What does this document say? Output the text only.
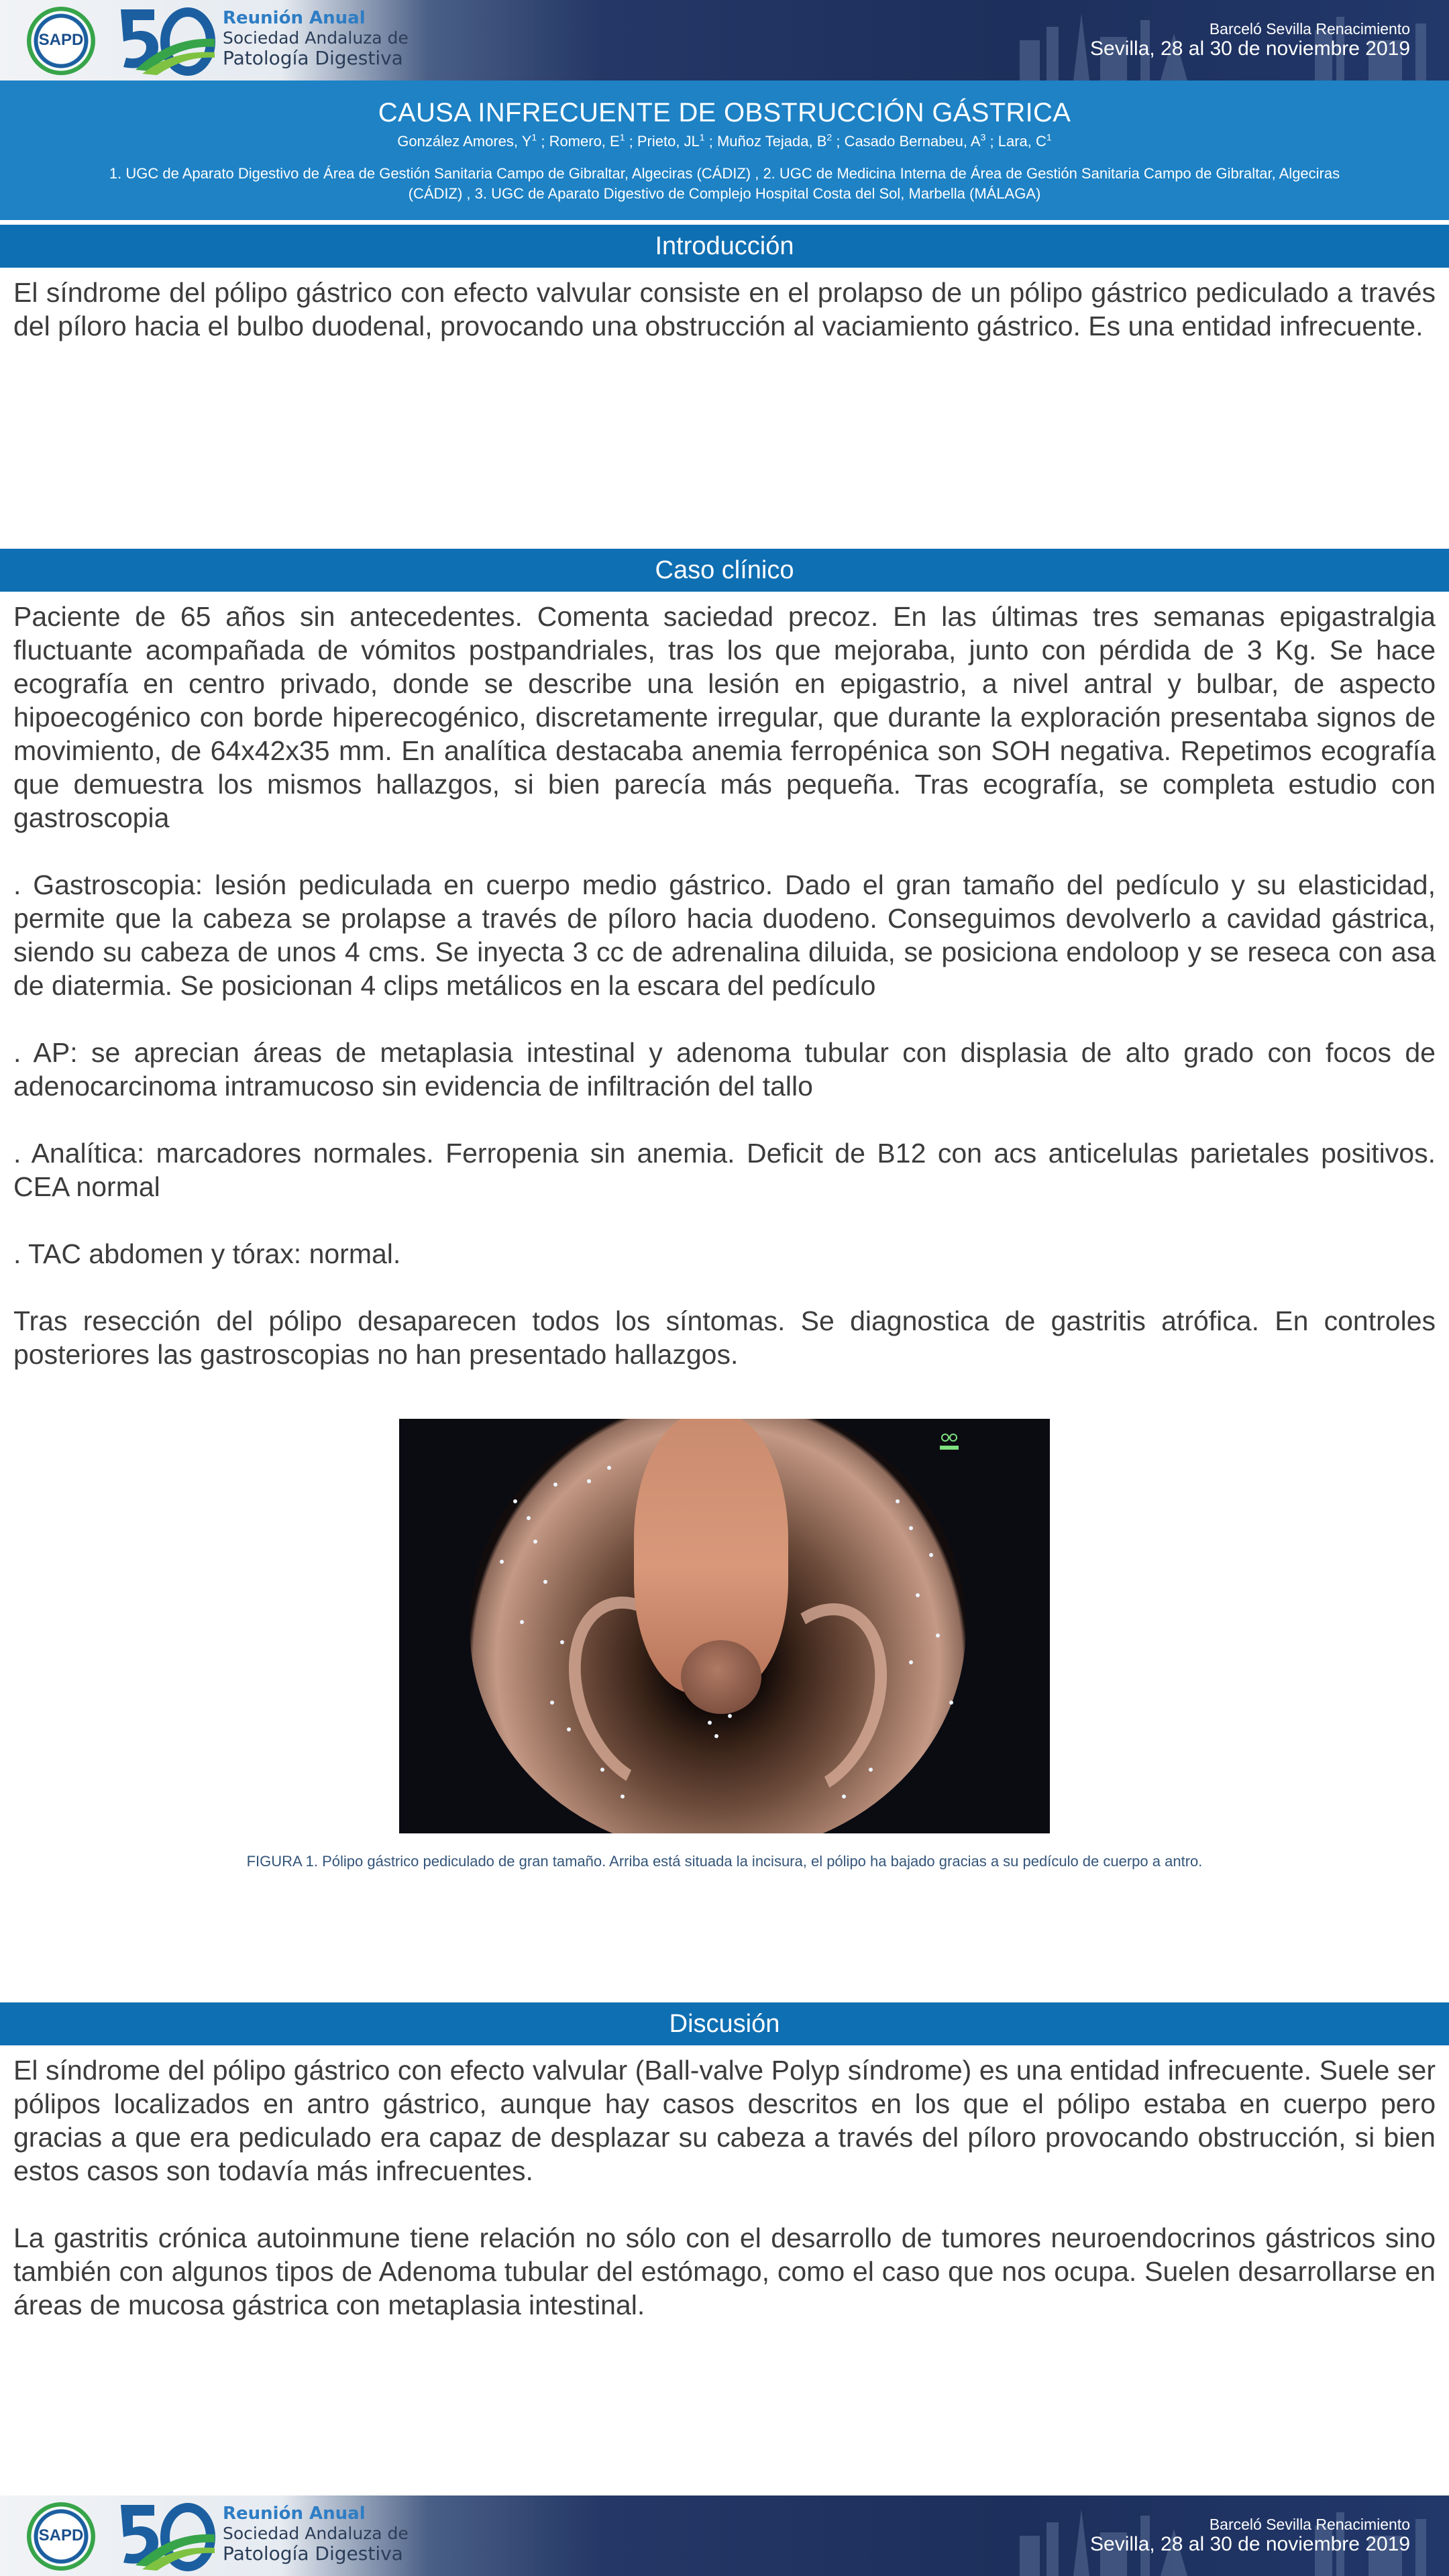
SAPD
Reunión Anual
Sociedad Andaluza de
Patología Digestiva
Barceló Sevilla Renacimiento
Sevilla, 28 al 30 de noviembre 2019
CAUSA INFRECUENTE DE OBSTRUCCIÓN GÁSTRICA
González Amores, $Y^1$ ; Romero, $E^1$ ; Prieto, $JL^1$ ; Muñoz Tejada, $B^2$ ; Casado Bernabeu, $A^3$ ; Lara, $C^1$
1. UGC de Aparato Digestivo de Área de Gestión Sanitaria Campo de Gibraltar, Algeciras (CÁDIZ) , 2. UGC de Medicina Interna de Área de Gestión Sanitaria Campo de Gibraltar, Algeciras
(CÁDIZ) , 3. UGC de Aparato Digestivo de Complejo Hospital Costa del Sol, Marbella (MÁLAGA)
Introducción

El síndrome del pólipo gástrico con efecto valvular consiste en el prolapso de un pólipo gástrico pediculado a través del píloro hacia el bulbo duodenal, provocando una obstrucción al vaciamiento gástrico. Es una entidad infrecuente.

Caso clínico

Paciente de 65 años sin antecedentes. Comenta saciedad precoz. En las últimas tres semanas epigastralgia fluctuante acompañada de vómitos postpandriales, tras los que mejoraba, junto con pérdida de 3 Kg. Se hace ecografía en centro privado, donde se describe una lesión en epigastrio, a nivel antral y bulbar, de aspecto hipoecogénico con borde hiperecogénico, discretamente irregular, que durante la exploración presentaba signos de movimiento, de 64x42x35 mm. En analítica destacaba anemia ferropénica son SOH negativa. Repetimos ecografía que demuestra los mismos hallazgos, si bien parecía más pequeña. Tras ecografía, se completa estudio con gastroscopia

. Gastroscopia: lesión pediculada en cuerpo medio gástrico. Dado el gran tamaño del pedículo y su elasticidad, permite que la cabeza se prolapse a través de píloro hacia duodeno. Conseguimos devolverlo a cavidad gástrica, siendo su cabeza de unos 4 cms. Se inyecta 3 cc de adrenalina diluida, se posiciona endoloop y se reseca con asa de diatermia. Se posicionan 4 clips metálicos en la escara del pedículo

. AP: se aprecian áreas de metaplasia intestinal y adenoma tubular con displasia de alto grado con focos de adenocarcinoma intramucoso sin evidencia de infiltración del tallo

. Analítica: marcadores normales. Ferropenia sin anemia. Deficit de B12 con acs anticelulas parietales positivos. CEA normal

. TAC abdomen y tórax: normal.

Tras resección del pólipo desaparecen todos los síntomas. Se diagnostica de gastritis atrófica. En controles posteriores las gastroscopias no han presentado hallazgos.

FIGURA 1. Pólipo gástrico pediculado de gran tamaño. Arriba está situada la incisura, el pólipo ha bajado gracias a su pedículo de cuerpo a antro.
Discusión

El síndrome del pólipo gástrico con efecto valvular (Ball-valve Polyp síndrome) es una entidad infrecuente. Suele ser pólipos localizados en antro gástrico, aunque hay casos descritos en los que el pólipo estaba en cuerpo pero gracias a que era pediculado era capaz de desplazar su cabeza a través del píloro provocando obstrucción, si bien estos casos son todavía más infrecuentes.

La gastritis crónica autoinmune tiene relación no sólo con el desarrollo de tumores neuroendocrinos gástricos sino también con algunos tipos de Adenoma tubular del estómago, como el caso que nos ocupa. Suelen desarrollarse en áreas de mucosa gástrica con metaplasia intestinal.

SAPD
Reunión Anual
Sociedad Andaluza de
Patología Digestiva
Barceló Sevilla Renacimiento
Sevilla, 28 al 30 de noviembre 2019
